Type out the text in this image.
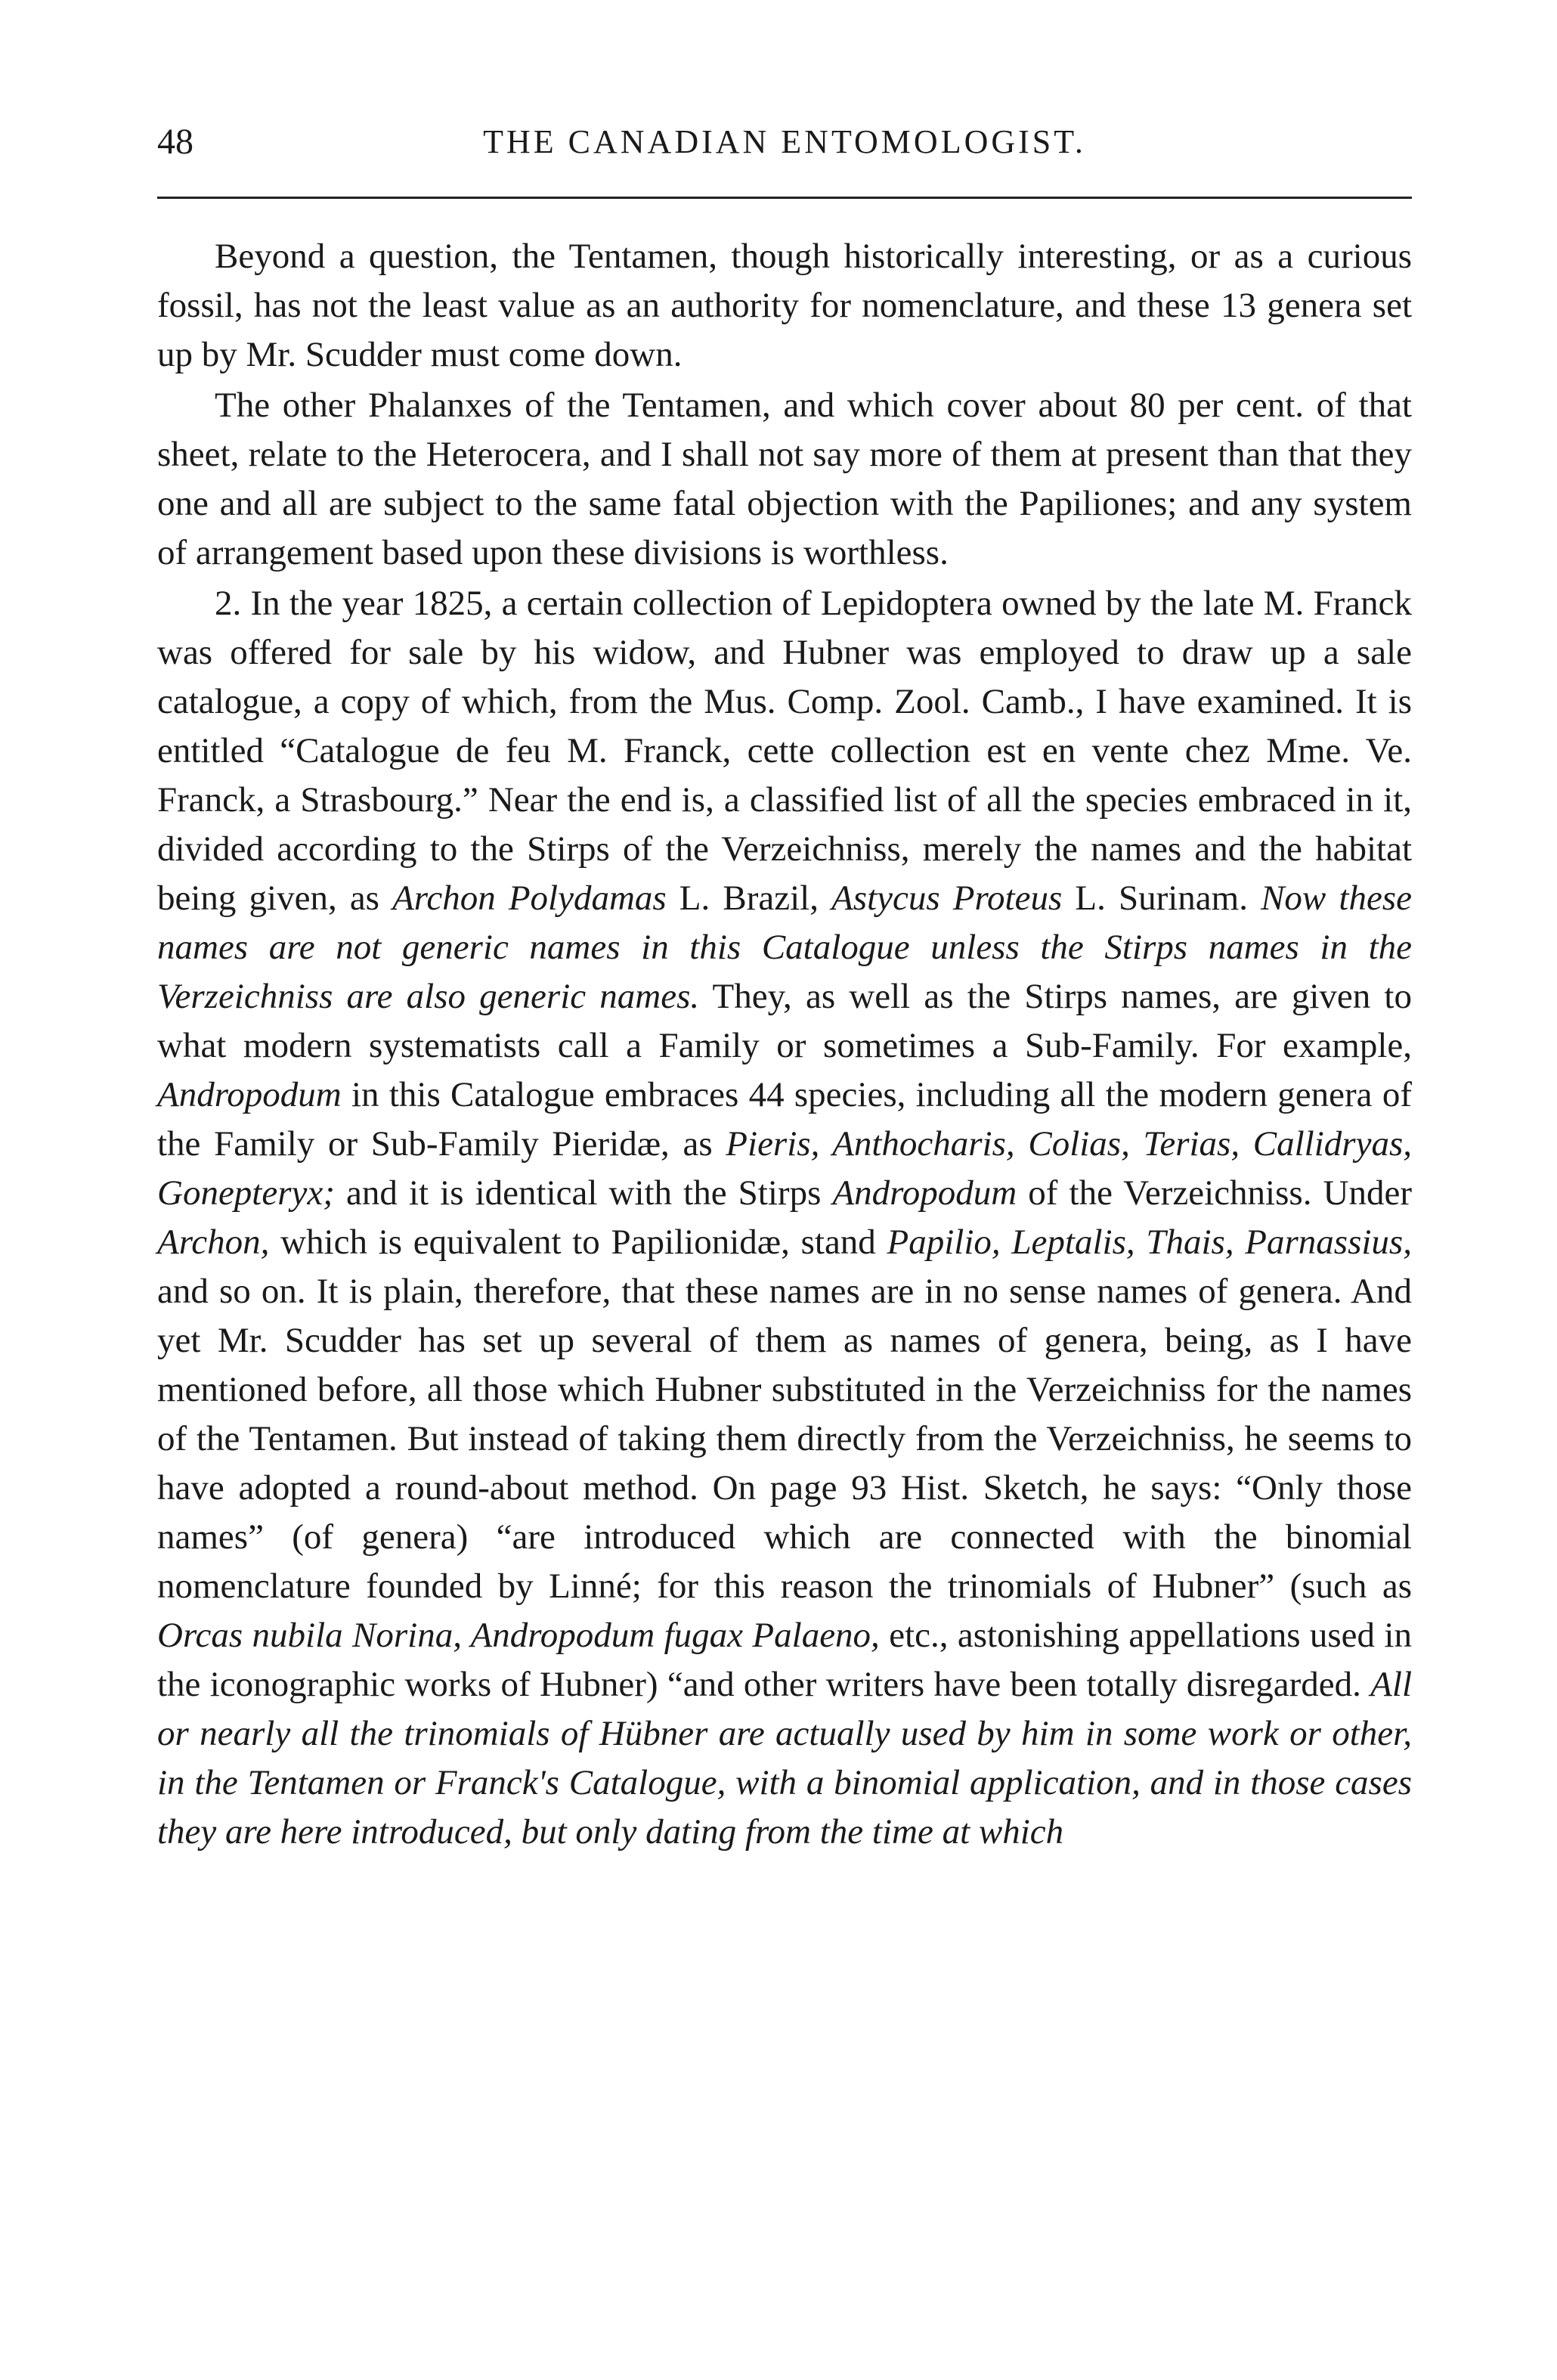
48	THE CANADIAN ENTOMOLOGIST.

Beyond a question, the Tentamen, though historically interesting, or as a curious fossil, has not the least value as an authority for nomenclature, and these 13 genera set up by Mr. Scudder must come down.

The other Phalanxes of the Tentamen, and which cover about 80 per cent. of that sheet, relate to the Heterocera, and I shall not say more of them at present than that they one and all are subject to the same fatal objection with the Papiliones; and any system of arrangement based upon these divisions is worthless.

2. In the year 1825, a certain collection of Lepidoptera owned by the late M. Franck was offered for sale by his widow, and Hubner was employed to draw up a sale catalogue, a copy of which, from the Mus. Comp. Zool. Camb., I have examined. It is entitled “Catalogue de feu M. Franck, cette collection est en vente chez Mme. Ve. Franck, a Strasbourg.” Near the end is, a classified list of all the species embraced in it, divided according to the Stirps of the Verzeichniss, merely the names and the habitat being given, as Archon Polydamas L. Brazil, Astycus Proteus L. Surinam. Now these names are not generic names in this Catalogue unless the Stirps names in the Verzeichniss are also generic names. They, as well as the Stirps names, are given to what modern systematists call a Family or sometimes a Sub-Family. For example, Andropodum in this Catalogue embraces 44 species, including all the modern genera of the Family or Sub-Family Pieridæ, as Pieris, Anthocharis, Colias, Terias, Callidryas, Gonepteryx; and it is identical with the Stirps Andropodum of the Verzeichniss. Under Archon, which is equivalent to Papilionidæ, stand Papilio, Leptalis, Thais, Parnassius, and so on. It is plain, therefore, that these names are in no sense names of genera. And yet Mr. Scudder has set up several of them as names of genera, being, as I have mentioned before, all those which Hubner substituted in the Verzeichniss for the names of the Tentamen. But instead of taking them directly from the Verzeichniss, he seems to have adopted a round-about method. On page 93 Hist. Sketch, he says: “Only those names” (of genera) “are introduced which are connected with the binomial nomenclature founded by Linné; for this reason the trinomials of Hubner” (such as Orcas nubila Norina, Andropodum fugax Palaeno, etc., astonishing appellations used in the iconographic works of Hubner) “and other writers have been totally disregarded. All or nearly all the trinomials of Hübner are actually used by him in some work or other, in the Tentamen or Franck's Catalogue, with a binomial application, and in those cases they are here introduced, but only dating from the time at which
